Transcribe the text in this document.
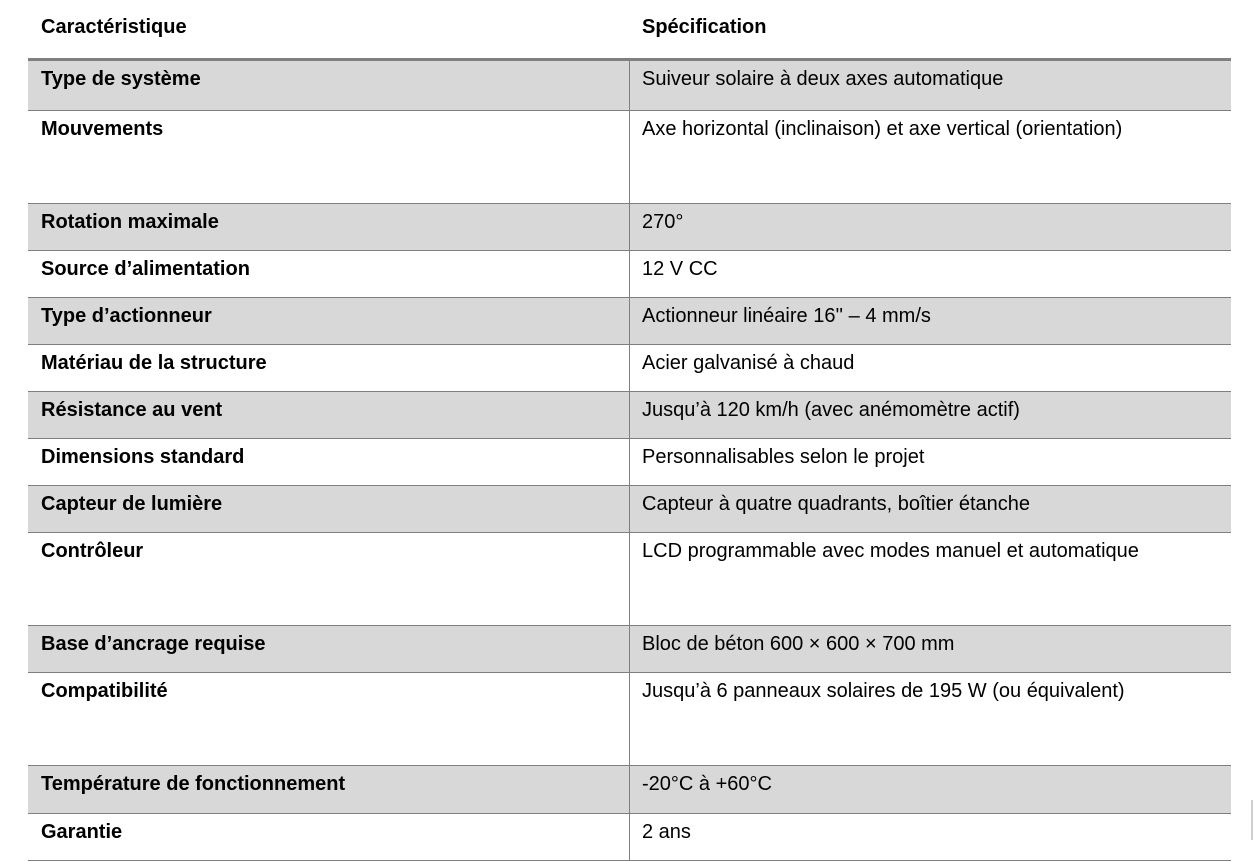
Caractéristique	Spécification
Type de système	Suiveur solaire à deux axes automatique
Mouvements	Axe horizontal (inclinaison) et axe vertical (orientation)
Rotation maximale	270°
Source d’alimentation	12 V CC
Type d’actionneur	Actionneur linéaire 16'' – 4 mm/s
Matériau de la structure	Acier galvanisé à chaud
Résistance au vent	Jusqu’à 120 km/h (avec anémomètre actif)
Dimensions standard	Personnalisables selon le projet
Capteur de lumière	Capteur à quatre quadrants, boîtier étanche
Contrôleur	LCD programmable avec modes manuel et automatique
Base d’ancrage requise	Bloc de béton 600 × 600 × 700 mm
Compatibilité	Jusqu’à 6 panneaux solaires de 195 W (ou équivalent)
Température de fonctionnement	-20°C à +60°C
Garantie	2 ans
